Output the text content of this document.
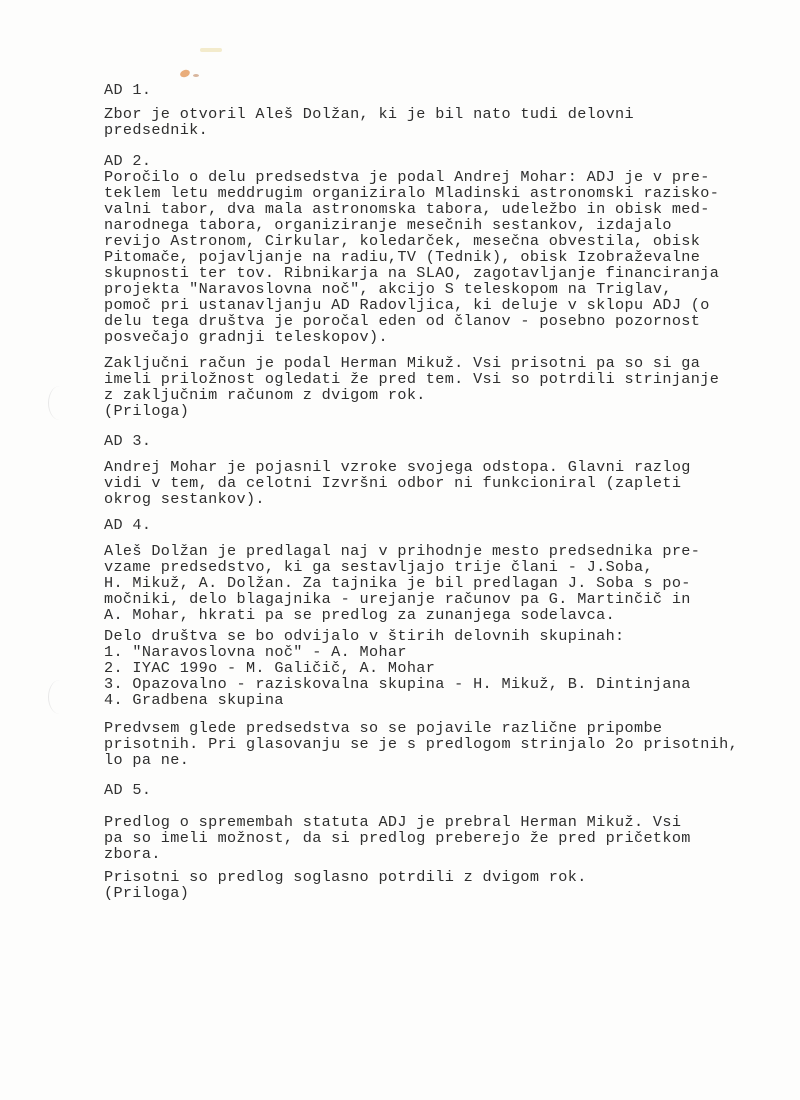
AD 1.
Zbor je otvoril Aleš Dolžan, ki je bil nato tudi delovni
predsednik.
AD 2.
Poročilo o delu predsedstva je podal Andrej Mohar: ADJ je v pre-
teklem letu meddrugim organiziralo Mladinski astronomski razisko-
valni tabor, dva mala astronomska tabora, udeležbo in obisk med-
narodnega tabora, organiziranje mesečnih sestankov, izdajalo
revijo Astronom, Cirkular, koledarček, mesečna obvestila, obisk
Pitomače, pojavljanje na radiu,TV (Tednik), obisk Izobraževalne
skupnosti ter tov. Ribnikarja na SLAO, zagotavljanje financiranja
projekta "Naravoslovna noč", akcijo S teleskopom na Triglav,
pomoč pri ustanavljanju AD Radovljica, ki deluje v sklopu ADJ (o
delu tega društva je poročal eden od članov - posebno pozornost
posvečajo gradnji teleskopov).
Zaključni račun je podal Herman Mikuž. Vsi prisotni pa so si ga
imeli priložnost ogledati že pred tem. Vsi so potrdili strinjanje
z zaključnim računom z dvigom rok.
(Priloga)
AD 3.
Andrej Mohar je pojasnil vzroke svojega odstopa. Glavni razlog
vidi v tem, da celotni Izvršni odbor ni funkcioniral (zapleti
okrog sestankov).
AD 4.
Aleš Dolžan je predlagal naj v prihodnje mesto predsednika pre-
vzame predsedstvo, ki ga sestavljajo trije člani - J.Soba,
H. Mikuž, A. Dolžan. Za tajnika je bil predlagan J. Soba s po-
močniki, delo blagajnika - urejanje računov pa G. Martinčič in
A. Mohar, hkrati pa se predlog za zunanjega sodelavca.
Delo društva se bo odvijalo v štirih delovnih skupinah:
1. "Naravoslovna noč" - A. Mohar
2. IYAC 199o - M. Galičič, A. Mohar
3. Opazovalno - raziskovalna skupina - H. Mikuž, B. Dintinjana
4. Gradbena skupina
Predvsem glede predsedstva so se pojavile različne pripombe
prisotnih. Pri glasovanju se je s predlogom strinjalo 2o prisotnih,
lo pa ne.
AD 5.
Predlog o spremembah statuta ADJ je prebral Herman Mikuž. Vsi
pa so imeli možnost, da si predlog preberejo že pred pričetkom
zbora.
Prisotni so predlog soglasno potrdili z dvigom rok.
(Priloga)
